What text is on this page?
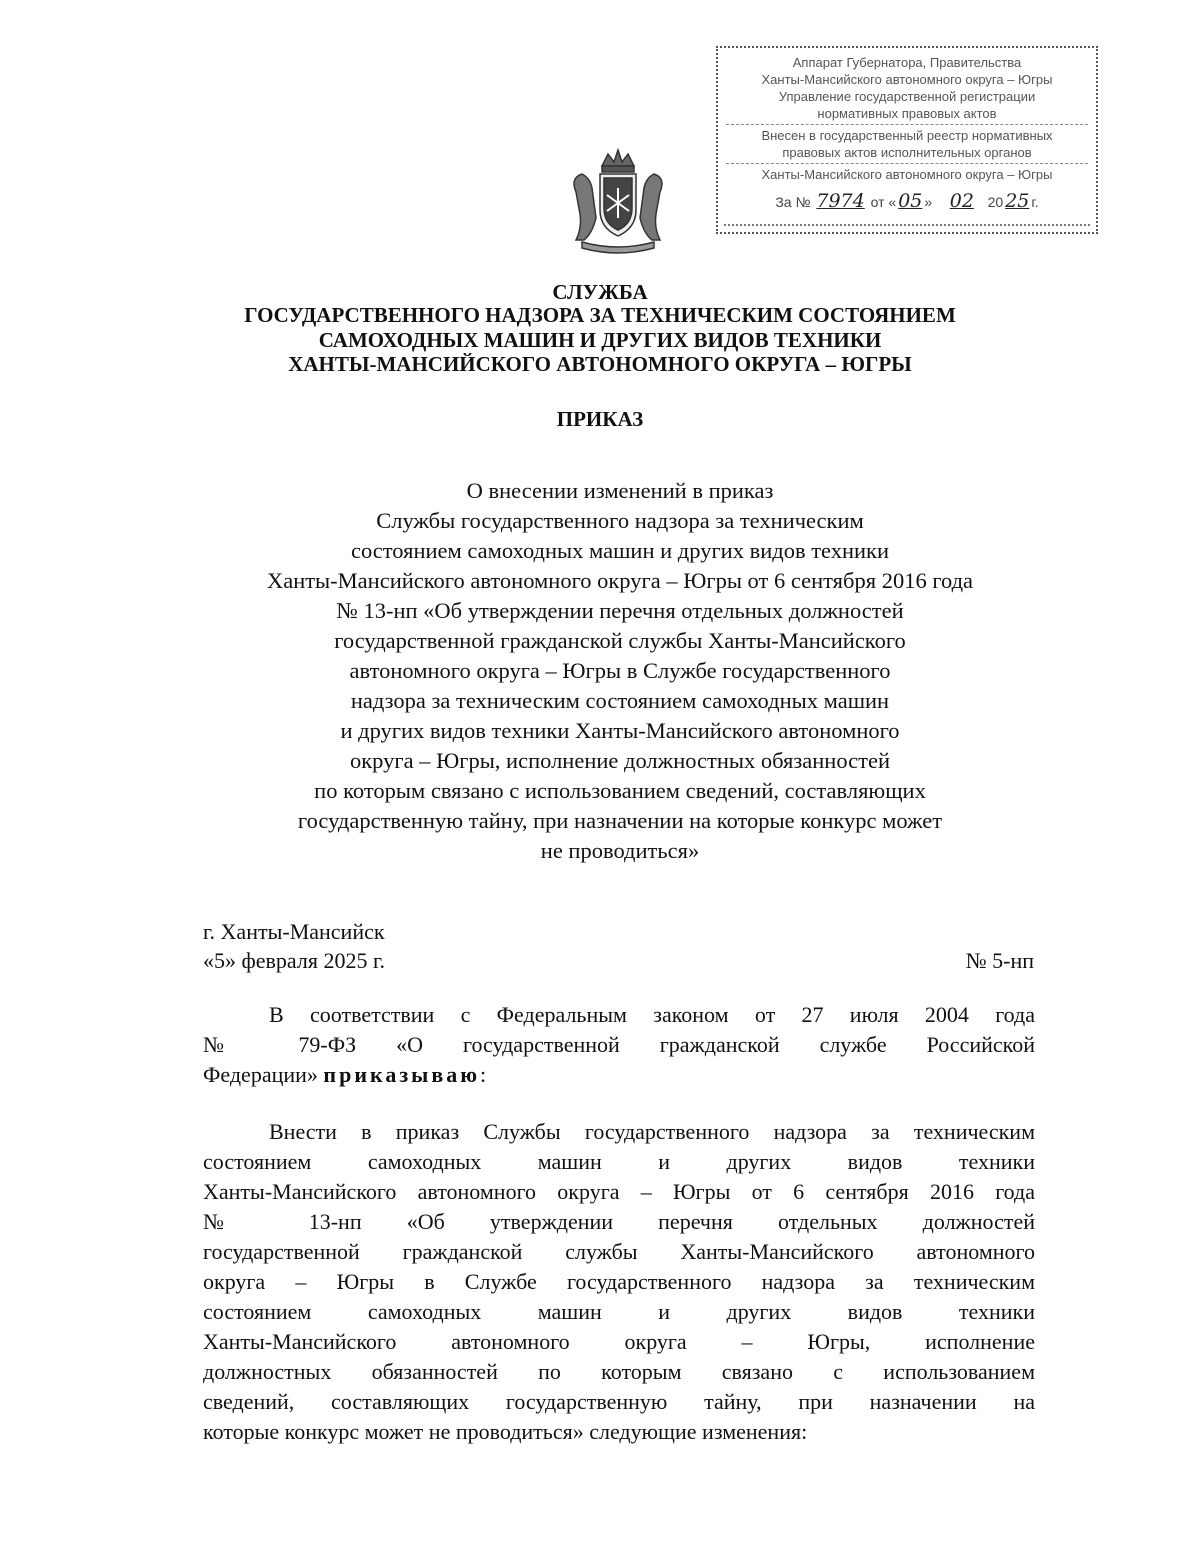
Аппарат Губернатора, Правительства
Ханты-Мансийского автономного округа – Югры
Управление государственной регистрации
нормативных правовых актов
Внесен в государственный реестр нормативных
правовых актов исполнительных органов
Ханты-Мансийского автономного округа – Югры
За № 7974 от « 05 » 02 20 25 г.
СЛУЖБА
ГОСУДАРСТВЕННОГО НАДЗОРА ЗА ТЕХНИЧЕСКИМ СОСТОЯНИЕМ
САМОХОДНЫХ МАШИН И ДРУГИХ ВИДОВ ТЕХНИКИ
ХАНТЫ-МАНСИЙСКОГО АВТОНОМНОГО ОКРУГА – ЮГРЫ
ПРИКАЗ
О внесении изменений в приказ
Службы государственного надзора за техническим
состоянием самоходных машин и других видов техники
Ханты-Мансийского автономного округа – Югры от 6 сентября 2016 года
№ 13-нп «Об утверждении перечня отдельных должностей
государственной гражданской службы Ханты-Мансийского
автономного округа – Югры в Службе государственного
надзора за техническим состоянием самоходных машин
и других видов техники Ханты-Мансийского автономного
округа – Югры, исполнение должностных обязанностей
по которым связано с использованием сведений, составляющих
государственную тайну, при назначении на которые конкурс может
не проводиться»
г. Ханты-Мансийск
«5» февраля 2025 г.	№ 5-нп
В соответствии с Федеральным законом от 27 июля 2004 года
№ 79-ФЗ «О государственной гражданской службе Российской
Федерации» приказываю:
Внести в приказ Службы государственного надзора за техническим
состоянием самоходных машин и других видов техники
Ханты-Мансийского автономного округа – Югры от 6 сентября 2016 года
№ 13-нп «Об утверждении перечня отдельных должностей
государственной гражданской службы Ханты-Мансийского автономного
округа – Югры в Службе государственного надзора за техническим
состоянием самоходных машин и других видов техники
Ханты-Мансийского автономного округа – Югры, исполнение
должностных обязанностей по которым связано с использованием
сведений, составляющих государственную тайну, при назначении на
которые конкурс может не проводиться» следующие изменения:
